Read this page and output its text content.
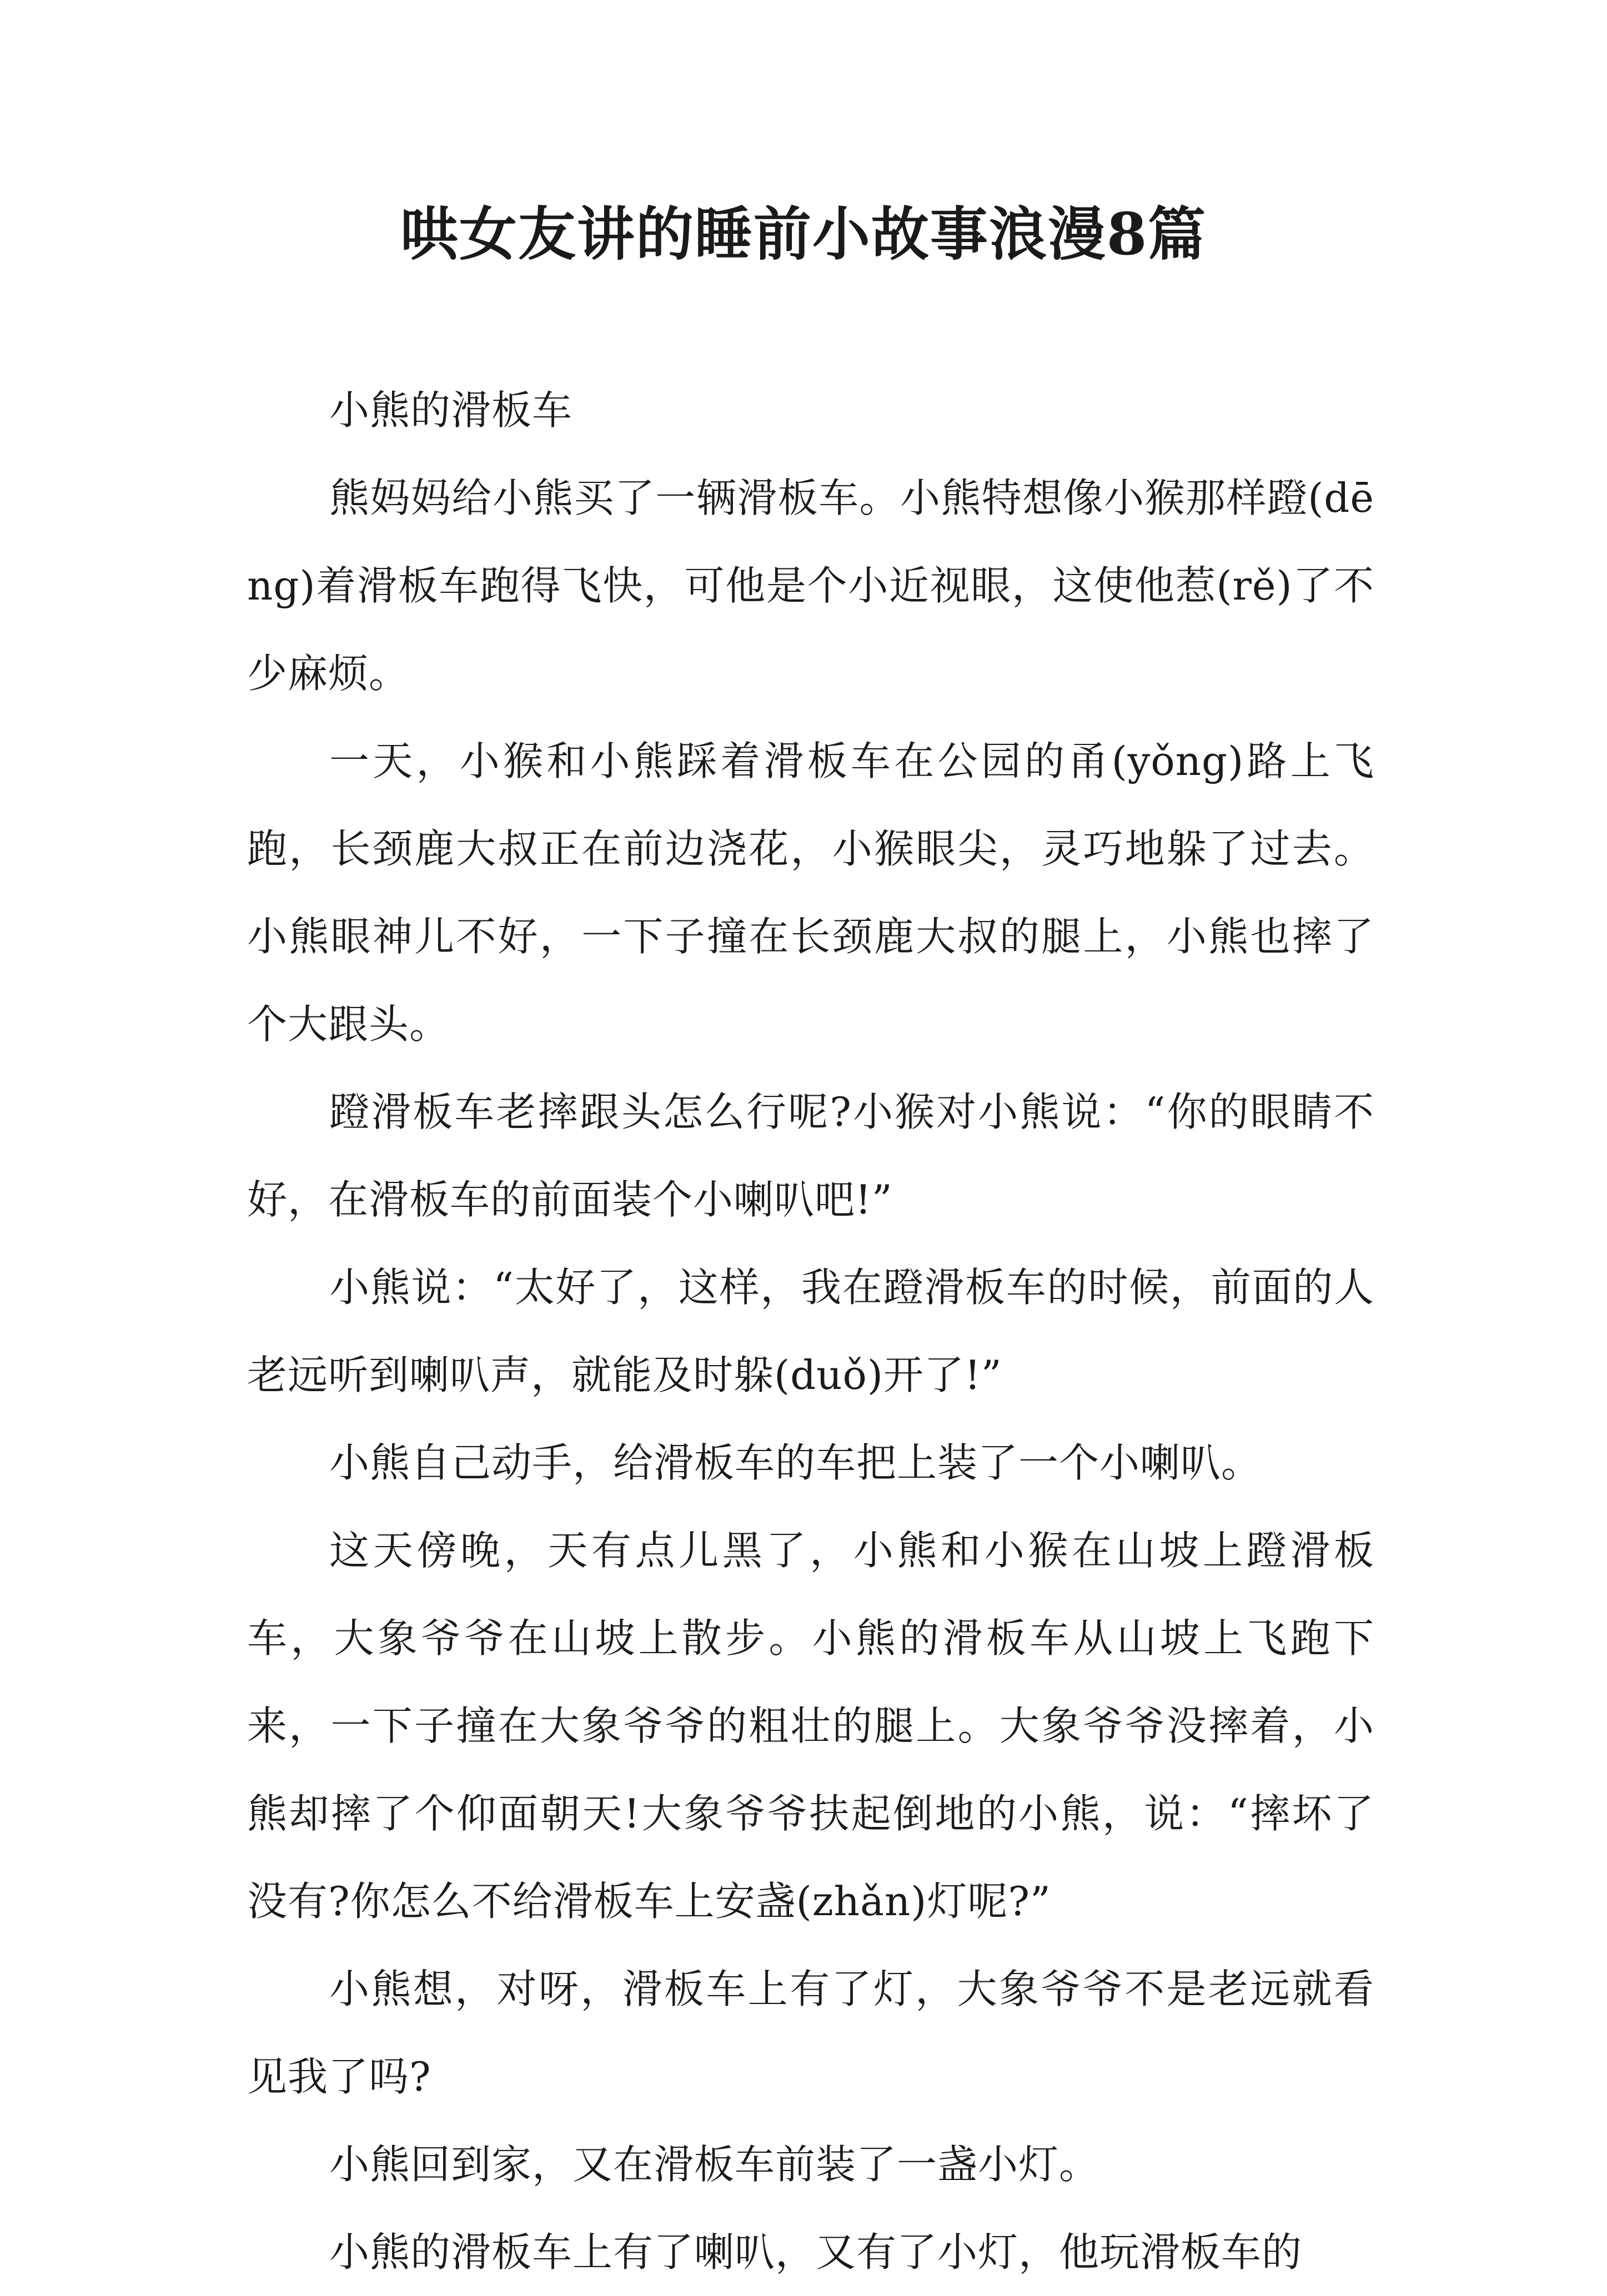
哄女友讲的睡前小故事浪漫8篇

小熊的滑板车

熊妈妈给小熊买了一辆滑板车。小熊特想像小猴那样蹬(dēng)着滑板车跑得飞快，可他是个小近视眼，这使他惹(rě)了不少麻烦。

一天，小猴和小熊踩着滑板车在公园的甬(yǒng)路上飞跑，长颈鹿大叔正在前边浇花，小猴眼尖，灵巧地躲了过去。小熊眼神儿不好，一下子撞在长颈鹿大叔的腿上，小熊也摔了个大跟头。

蹬滑板车老摔跟头怎么行呢?小猴对小熊说：“你的眼睛不好，在滑板车的前面装个小喇叭吧!”

小熊说：“太好了，这样，我在蹬滑板车的时候，前面的人老远听到喇叭声，就能及时躲(duǒ)开了!”

小熊自己动手，给滑板车的车把上装了一个小喇叭。

这天傍晚，天有点儿黑了，小熊和小猴在山坡上蹬滑板车，大象爷爷在山坡上散步。小熊的滑板车从山坡上飞跑下来，一下子撞在大象爷爷的粗壮的腿上。大象爷爷没摔着，小熊却摔了个仰面朝天!大象爷爷扶起倒地的小熊，说：“摔坏了没有?你怎么不给滑板车上安盏(zhǎn)灯呢?”

小熊想，对呀，滑板车上有了灯，大象爷爷不是老远就看见我了吗?

小熊回到家，又在滑板车前装了一盏小灯。

小熊的滑板车上有了喇叭，又有了小灯，他玩滑板车的
